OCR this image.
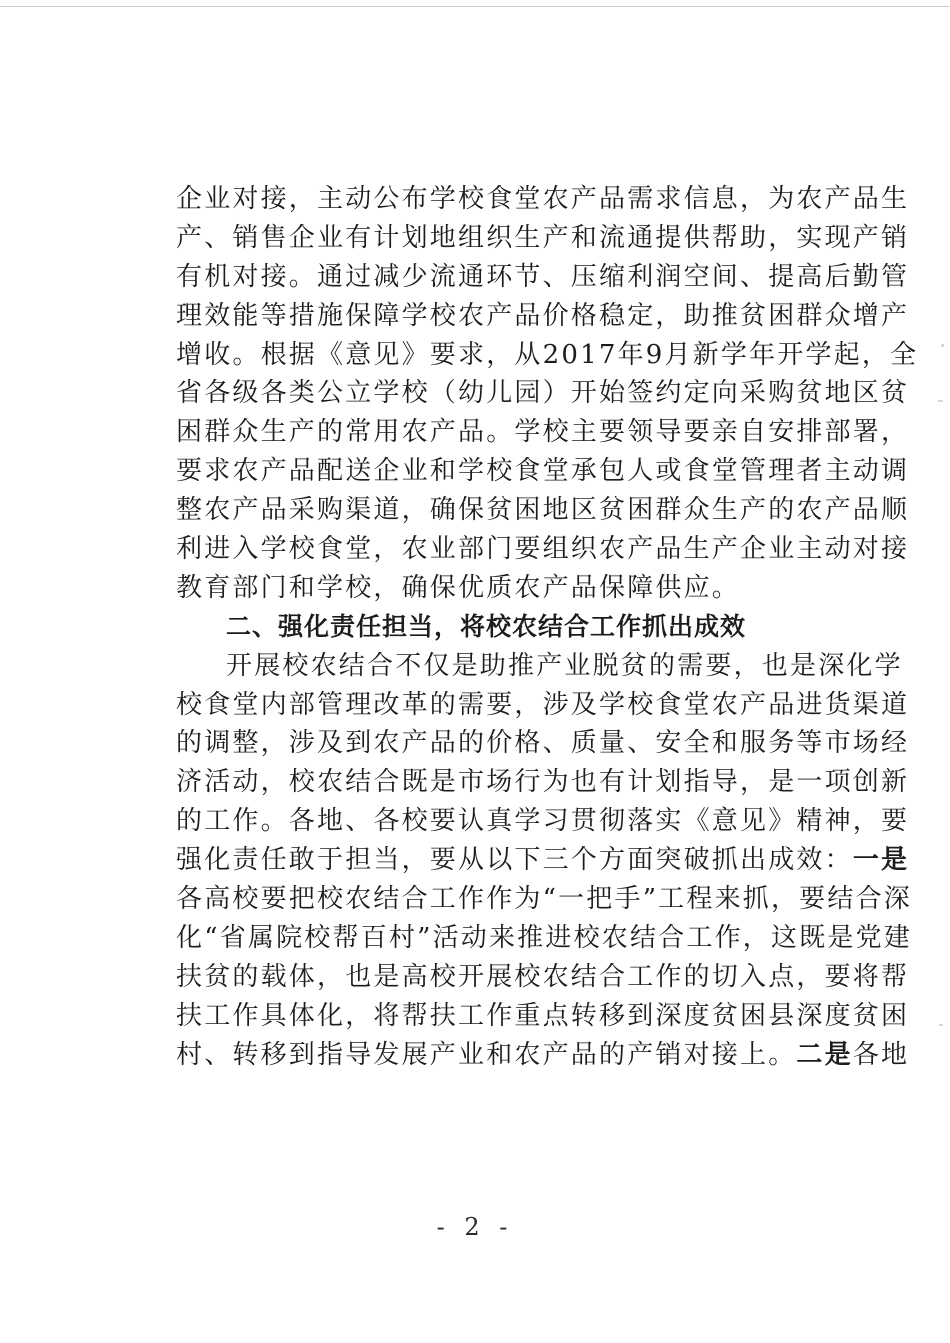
企业对接，主动公布学校食堂农产品需求信息，为农产品生
产、销售企业有计划地组织生产和流通提供帮助，实现产销
有机对接。通过减少流通环节、压缩利润空间、提高后勤管
理效能等措施保障学校农产品价格稳定，助推贫困群众增产
增收。根据《意见》要求，从2017年9月新学年开学起，全
省各级各类公立学校（幼儿园）开始签约定向采购贫地区贫
困群众生产的常用农产品。学校主要领导要亲自安排部署，
要求农产品配送企业和学校食堂承包人或食堂管理者主动调
整农产品采购渠道，确保贫困地区贫困群众生产的农产品顺
利进入学校食堂，农业部门要组织农产品生产企业主动对接
教育部门和学校，确保优质农产品保障供应。
二、强化责任担当，将校农结合工作抓出成效
开展校农结合不仅是助推产业脱贫的需要，也是深化学
校食堂内部管理改革的需要，涉及学校食堂农产品进货渠道
的调整，涉及到农产品的价格、质量、安全和服务等市场经
济活动，校农结合既是市场行为也有计划指导，是一项创新
的工作。各地、各校要认真学习贯彻落实《意见》精神，要
强化责任敢于担当，要从以下三个方面突破抓出成效：一是
各高校要把校农结合工作作为“一把手”工程来抓，要结合深
化“省属院校帮百村”活动来推进校农结合工作，这既是党建
扶贫的载体，也是高校开展校农结合工作的切入点，要将帮
扶工作具体化，将帮扶工作重点转移到深度贫困县深度贫困
村、转移到指导发展产业和农产品的产销对接上。二是各地
- 2 -
